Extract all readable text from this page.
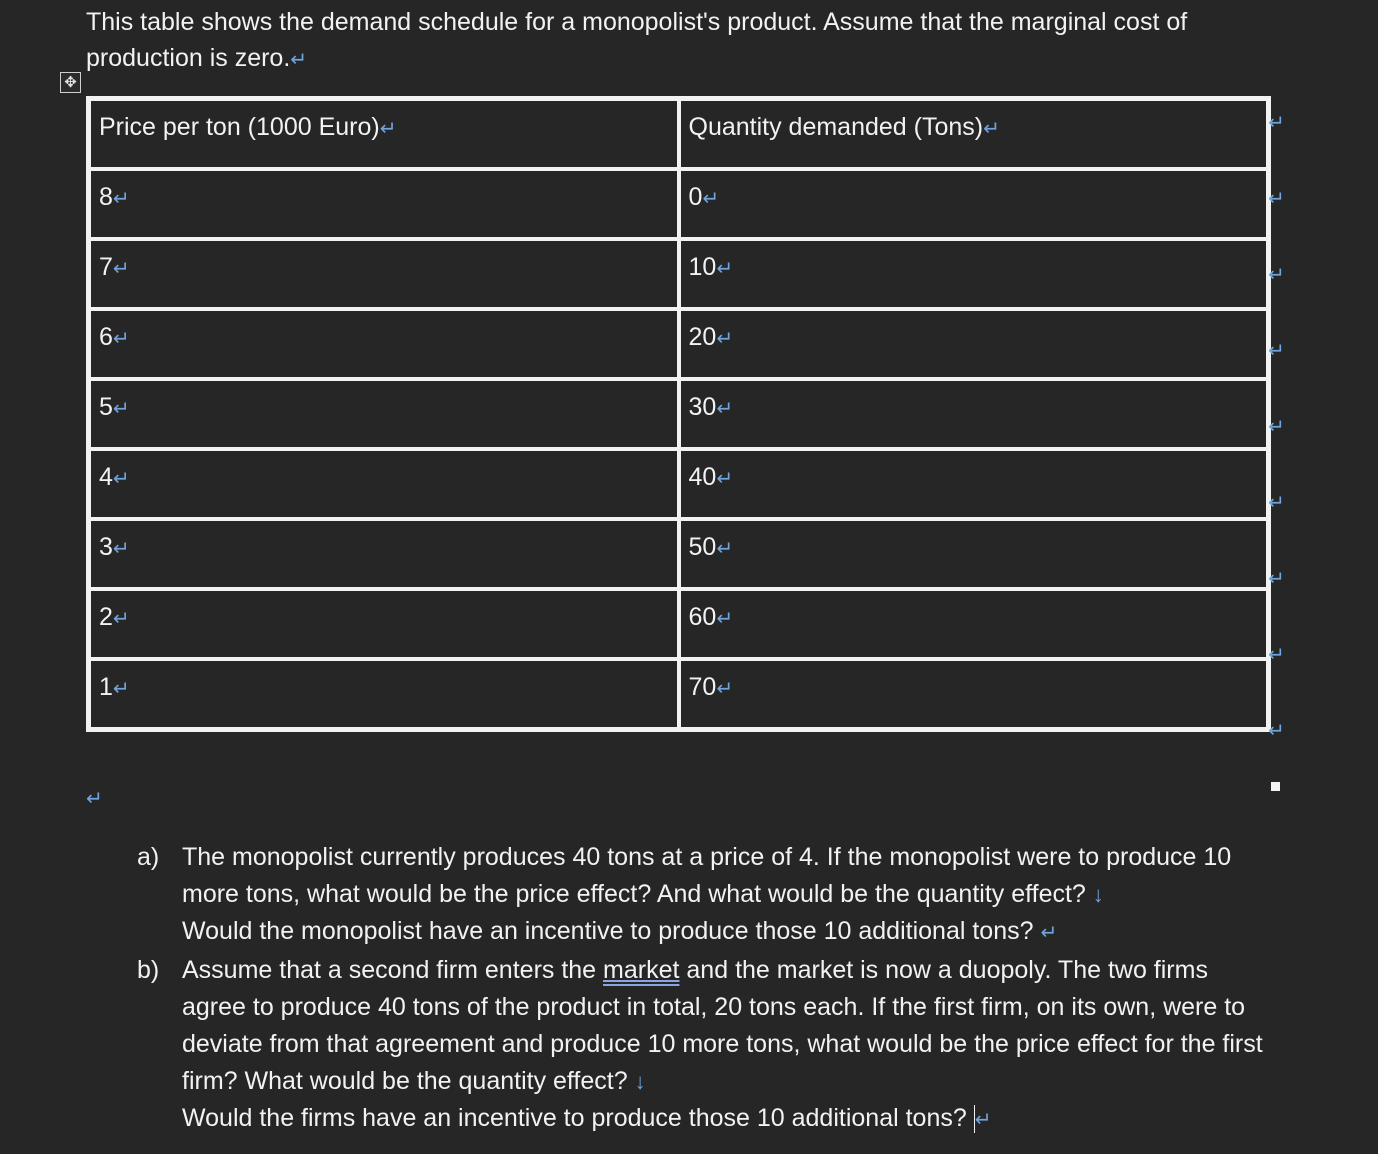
This table shows the demand schedule for a monopolist's product. Assume that the marginal cost of production is zero.↵
✥
Price per ton (1000 Euro)↵	Quantity demanded (Tons)↵
8↵	0↵
7↵	10↵
6↵	20↵
5↵	30↵
4↵	40↵
3↵	50↵
2↵	60↵
1↵	70↵
↵
↵
↵
↵
↵
↵
↵
↵
↵
↵
a) The monopolist currently produces 40 tons at a price of 4. If the monopolist were to produce 10 more tons, what would be the price effect? And what would be the quantity effect? ↓
Would the monopolist have an incentive to produce those 10 additional tons? ↵
b) Assume that a second firm enters the market and the market is now a duopoly. The two firms agree to produce 40 tons of the product in total, 20 tons each. If the first firm, on its own, were to deviate from that agreement and produce 10 more tons, what would be the price effect for the first firm? What would be the quantity effect? ↓
Would the firms have an incentive to produce those 10 additional tons? ↵
